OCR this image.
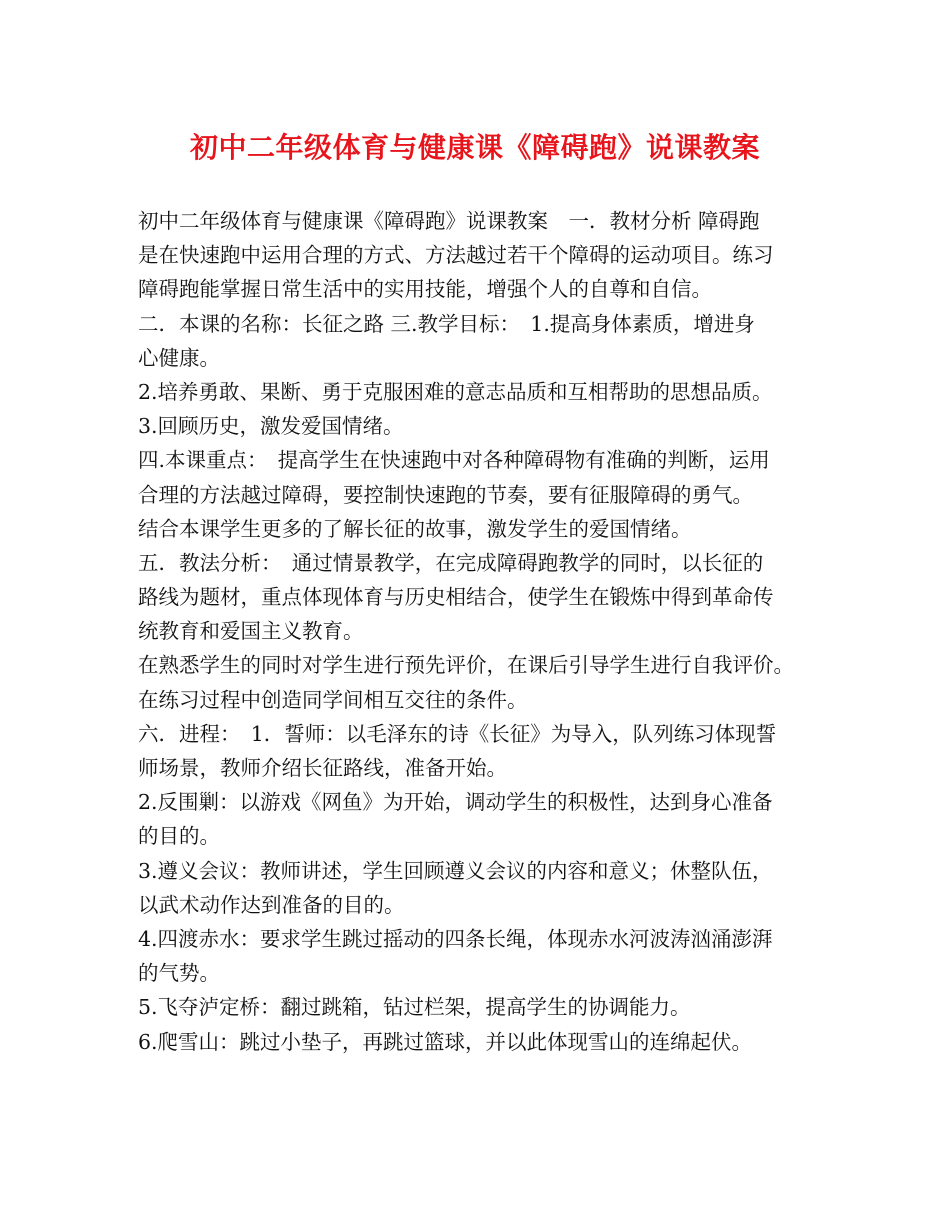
初中二年级体育与健康课《障碍跑》说课教案
初中二年级体育与健康课《障碍跑》说课教案　一．教材分析 障碍跑
是在快速跑中运用合理的方式、方法越过若干个障碍的运动项目。练习
障碍跑能掌握日常生活中的实用技能，增强个人的自尊和自信。
二．本课的名称：长征之路 三.教学目标：　1.提高身体素质，增进身
心健康。
2.培养勇敢、果断、勇于克服困难的意志品质和互相帮助的思想品质。
3.回顾历史，激发爱国情绪。
四.本课重点：　提高学生在快速跑中对各种障碍物有准确的判断，运用
合理的方法越过障碍，要控制快速跑的节奏，要有征服障碍的勇气。
结合本课学生更多的了解长征的故事，激发学生的爱国情绪。
五．教法分析：　通过情景教学，在完成障碍跑教学的同时，以长征的
路线为题材，重点体现体育与历史相结合，使学生在锻炼中得到革命传
统教育和爱国主义教育。
在熟悉学生的同时对学生进行预先评价，在课后引导学生进行自我评价。
在练习过程中创造同学间相互交往的条件。
六．进程：　1．誓师：以毛泽东的诗《长征》为导入，队列练习体现誓
师场景，教师介绍长征路线，准备开始。
2.反围剿：以游戏《网鱼》为开始，调动学生的积极性，达到身心准备
的目的。
3.遵义会议：教师讲述，学生回顾遵义会议的内容和意义；休整队伍，
以武术动作达到准备的目的。
4.四渡赤水：要求学生跳过摇动的四条长绳，体现赤水河波涛汹涌澎湃
的气势。
5.飞夺泸定桥：翻过跳箱，钻过栏架，提高学生的协调能力。
6.爬雪山：跳过小垫子，再跳过篮球，并以此体现雪山的连绵起伏。
